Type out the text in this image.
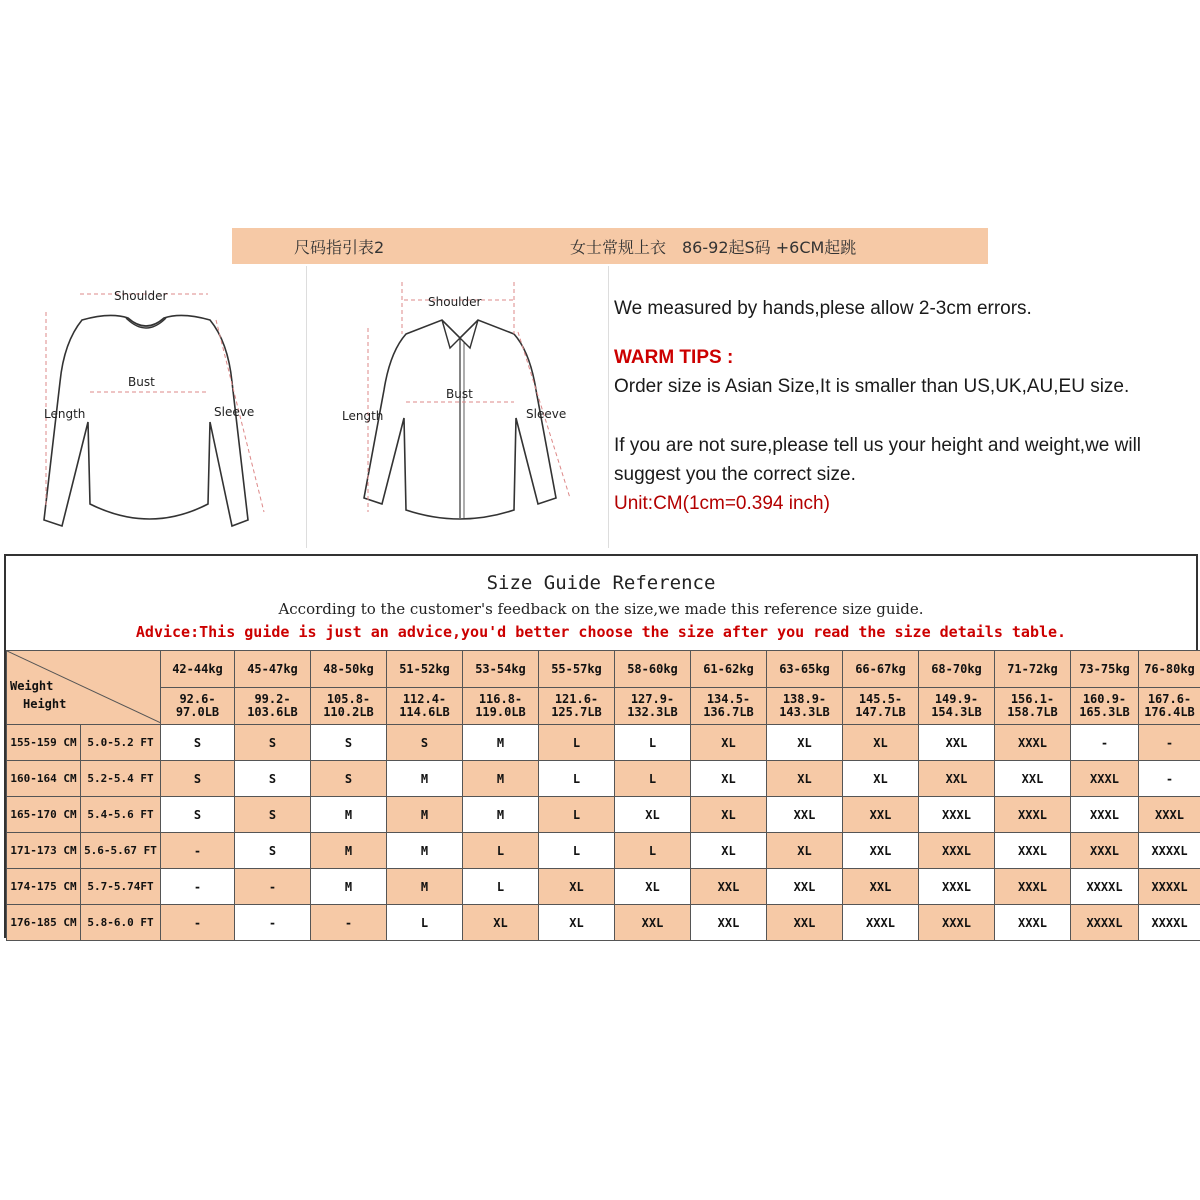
尺码指引表2	女士常规上衣　86-92起S码 +6CM起跳
Shoulder
Bust
Length	Sleeve
Shoulder
Bust
Length	Sleeve
We measured by hands,plese allow 2-3cm errors.
WARM TIPS :
Order size is Asian Size,It is smaller than US,UK,AU,EU size.
If you are not sure,please tell us your height and weight,we will suggest you the correct size.
Unit:CM(1cm=0.394 inch)
Size Guide Reference
According to the customer's feedback on the size,we made this reference size guide.
Advice:This guide is just an advice,you'd better choose the size after you read the size details table.
Weight
Height		42-44kg	45-47kg	48-50kg	51-52kg	53-54kg	55-57kg	58-60kg	61-62kg	63-65kg	66-67kg	68-70kg	71-72kg	73-75kg	76-80kg
		92.6-97.0LB	99.2-103.6LB	105.8-110.2LB	112.4-114.6LB	116.8-119.0LB	121.6-125.7LB	127.9-132.3LB	134.5-136.7LB	138.9-143.3LB	145.5-147.7LB	149.9-154.3LB	156.1-158.7LB	160.9-165.3LB	167.6-176.4LB
155-159 CM	5.0-5.2 FT	S	S	S	S	M	L	L	XL	XL	XL	XXL	XXXL	-	-
160-164 CM	5.2-5.4 FT	S	S	S	M	M	L	L	XL	XL	XL	XXL	XXL	XXXL	-
165-170 CM	5.4-5.6 FT	S	S	M	M	M	L	XL	XL	XXL	XXL	XXXL	XXXL	XXXL	XXXL
171-173 CM	5.6-5.67 FT	-	S	M	M	L	L	L	XL	XL	XXL	XXXL	XXXL	XXXL	XXXXL
174-175 CM	5.7-5.74FT	-	-	M	M	L	XL	XL	XXL	XXL	XXL	XXXL	XXXL	XXXXL	XXXXL
176-185 CM	5.8-6.0 FT	-	-	-	L	XL	XL	XXL	XXL	XXL	XXXL	XXXL	XXXL	XXXXL	XXXXL
